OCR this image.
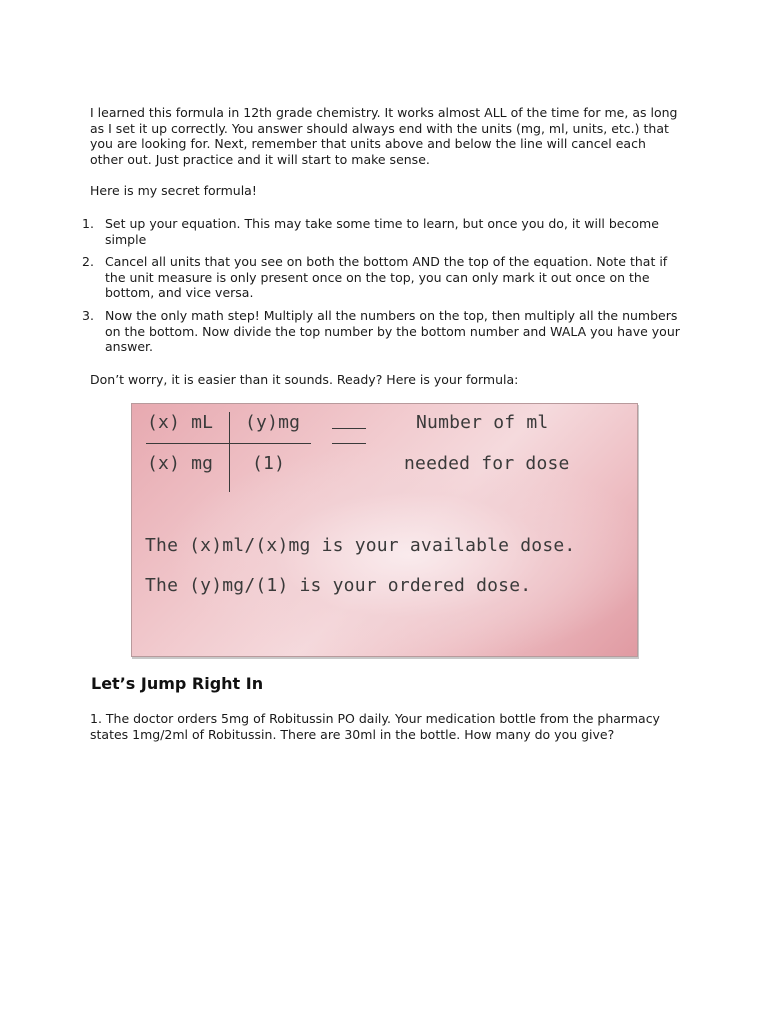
I learned this formula in 12th grade chemistry. It works almost ALL of the time for me, as long as I set it up correctly. You answer should always end with the units (mg, ml, units, etc.) that you are looking for. Next, remember that units above and below the line will cancel each other out. Just practice and it will start to make sense.

Here is my secret formula!

1. Set up your equation. This may take some time to learn, but once you do, it will become simple
2. Cancel all units that you see on both the bottom AND the top of the equation. Note that if the unit measure is only present once on the top, you can only mark it out once on the bottom, and vice versa.
3. Now the only math step! Multiply all the numbers on the top, then multiply all the numbers on the bottom. Now divide the top number by the bottom number and WALA you have your answer.

Don’t worry, it is easier than it sounds. Ready? Here is your formula:

(x) mL (y)mg	Number of ml
(x) mg (1)	needed for dose
The (x)ml/(x)mg is your available dose.
The (y)mg/(1) is your ordered dose.
Let’s Jump Right In

1. The doctor orders 5mg of Robitussin PO daily. Your medication bottle from the pharmacy states 1mg/2ml of Robitussin. There are 30ml in the bottle. How many do you give?
